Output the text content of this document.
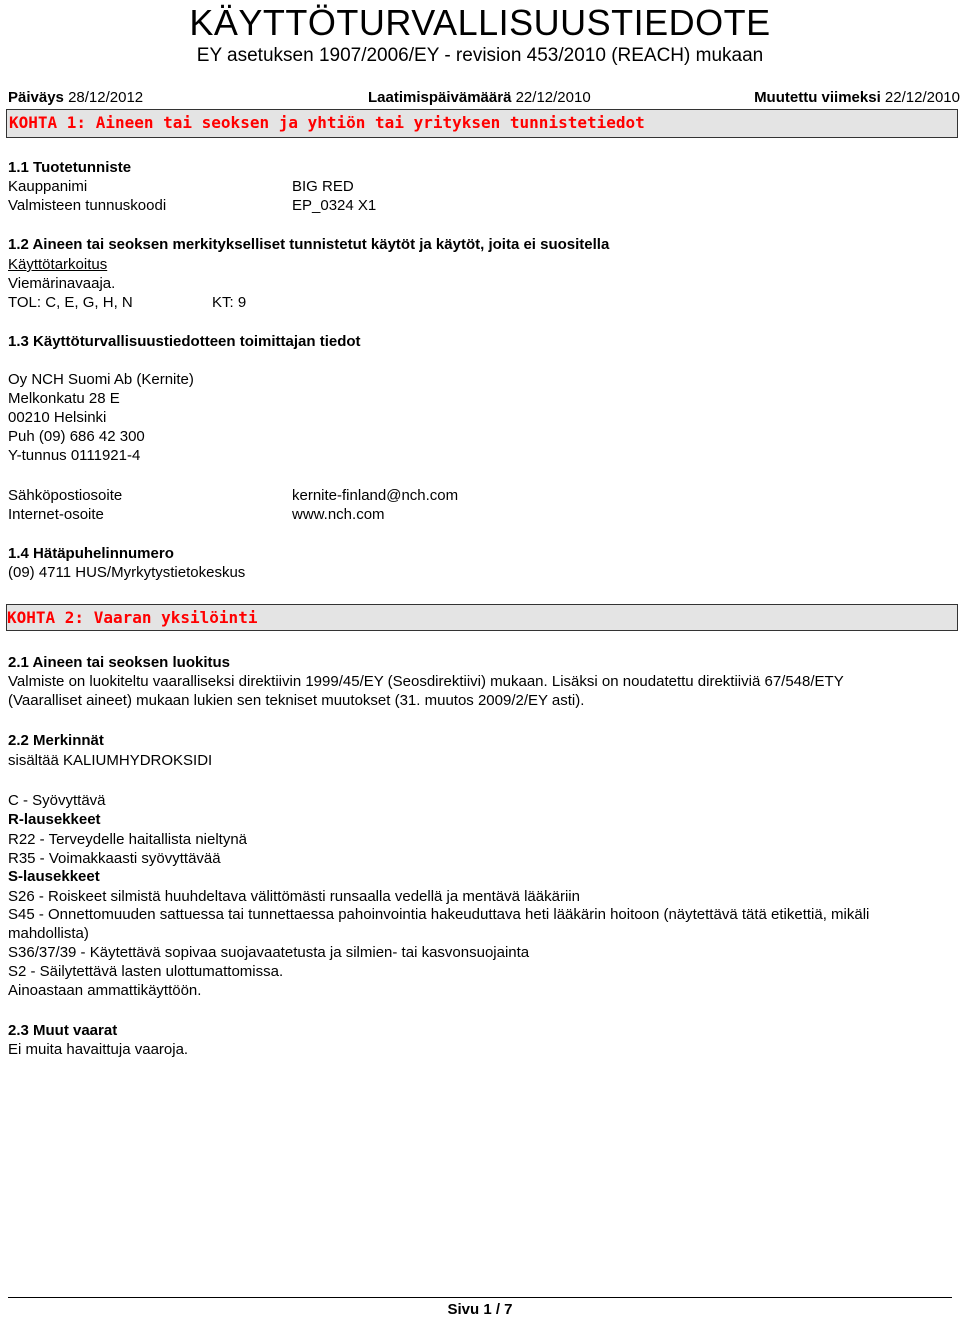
KÄYTTÖTURVALLISUUSTIEDOTE
EY asetuksen 1907/2006/EY - revision 453/2010 (REACH) mukaan
Päiväys 28/12/2012	Laatimispäivämäärä 22/12/2010	Muutettu viimeksi 22/12/2010
KOHTA 1: Aineen tai seoksen ja yhtiön tai yrityksen tunnistetiedot
1.1 Tuotetunniste
Kauppanimi	BIG RED
Valmisteen tunnuskoodi	EP_0324 X1
1.2 Aineen tai seoksen merkitykselliset tunnistetut käytöt ja käytöt, joita ei suositella
Käyttötarkoitus
Viemärinavaaja.
TOL: C, E, G, H, N	KT: 9
1.3 Käyttöturvallisuustiedotteen toimittajan tiedot
Oy NCH Suomi Ab (Kernite)
Melkonkatu 28 E
00210 Helsinki
Puh (09) 686 42 300
Y-tunnus 0111921-4
Sähköpostiosoite	kernite-finland@nch.com
Internet-osoite	www.nch.com
1.4 Hätäpuhelinnumero
(09) 4711 HUS/Myrkytystietokeskus
KOHTA 2: Vaaran yksilöinti
2.1 Aineen tai seoksen luokitus
Valmiste on luokiteltu vaaralliseksi direktiivin 1999/45/EY (Seosdirektiivi) mukaan. Lisäksi on noudatettu direktiiviä 67/548/ETY
(Vaaralliset aineet) mukaan lukien sen tekniset muutokset (31. muutos 2009/2/EY asti).
2.2 Merkinnät
sisältää KALIUMHYDROKSIDI
C - Syövyttävä
R-lausekkeet
R22 - Terveydelle haitallista nieltynä
R35 - Voimakkaasti syövyttävää
S-lausekkeet
S26 - Roiskeet silmistä huuhdeltava välittömästi runsaalla vedellä ja mentävä lääkäriin
S45 - Onnettomuuden sattuessa tai tunnettaessa pahoinvointia hakeuduttava heti lääkärin hoitoon (näytettävä tätä etikettiä, mikäli
mahdollista)
S36/37/39 - Käytettävä sopivaa suojavaatetusta ja silmien- tai kasvonsuojainta
S2 - Säilytettävä lasten ulottumattomissa.
Ainoastaan ammattikäyttöön.
2.3 Muut vaarat
Ei muita havaittuja vaaroja.
Sivu 1 / 7
